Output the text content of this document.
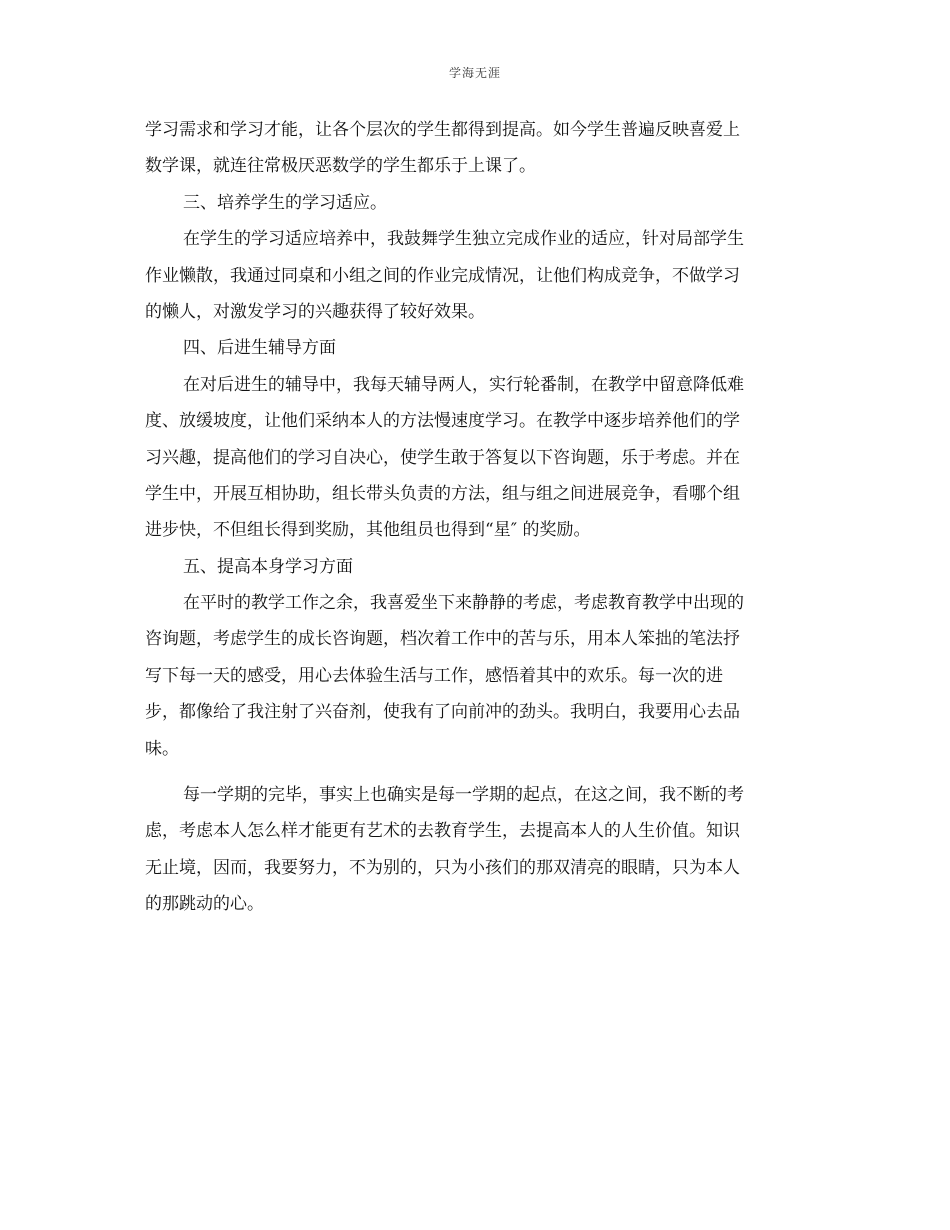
学海无涯
学习需求和学习才能，让各个层次的学生都得到提高。如今学生普遍反映喜爱上
数学课，就连往常极厌恶数学的学生都乐于上课了。
三、培养学生的学习适应。
在学生的学习适应培养中，我鼓舞学生独立完成作业的适应，针对局部学生
作业懒散，我通过同桌和小组之间的作业完成情况，让他们构成竞争，不做学习
的懒人，对激发学习的兴趣获得了较好效果。
四、后进生辅导方面
在对后进生的辅导中，我每天辅导两人，实行轮番制，在教学中留意降低难
度、放缓坡度，让他们采纳本人的方法慢速度学习。在教学中逐步培养他们的学
习兴趣，提高他们的学习自决心，使学生敢于答复以下咨询题，乐于考虑。并在
学生中，开展互相协助，组长带头负责的方法，组与组之间进展竞争，看哪个组
进步快，不但组长得到奖励，其他组员也得到“星″ 的奖励。
五、提高本身学习方面
在平时的教学工作之余，我喜爱坐下来静静的考虑，考虑教育教学中出现的
咨询题，考虑学生的成长咨询题，档次着工作中的苦与乐，用本人笨拙的笔法抒
写下每一天的感受，用心去体验生活与工作，感悟着其中的欢乐。每一次的进
步，都像给了我注射了兴奋剂，使我有了向前冲的劲头。我明白，我要用心去品
味。
每一学期的完毕，事实上也确实是每一学期的起点，在这之间，我不断的考
虑，考虑本人怎么样才能更有艺术的去教育学生，去提高本人的人生价值。知识
无止境，因而，我要努力，不为别的，只为小孩们的那双清亮的眼睛，只为本人
的那跳动的心。
